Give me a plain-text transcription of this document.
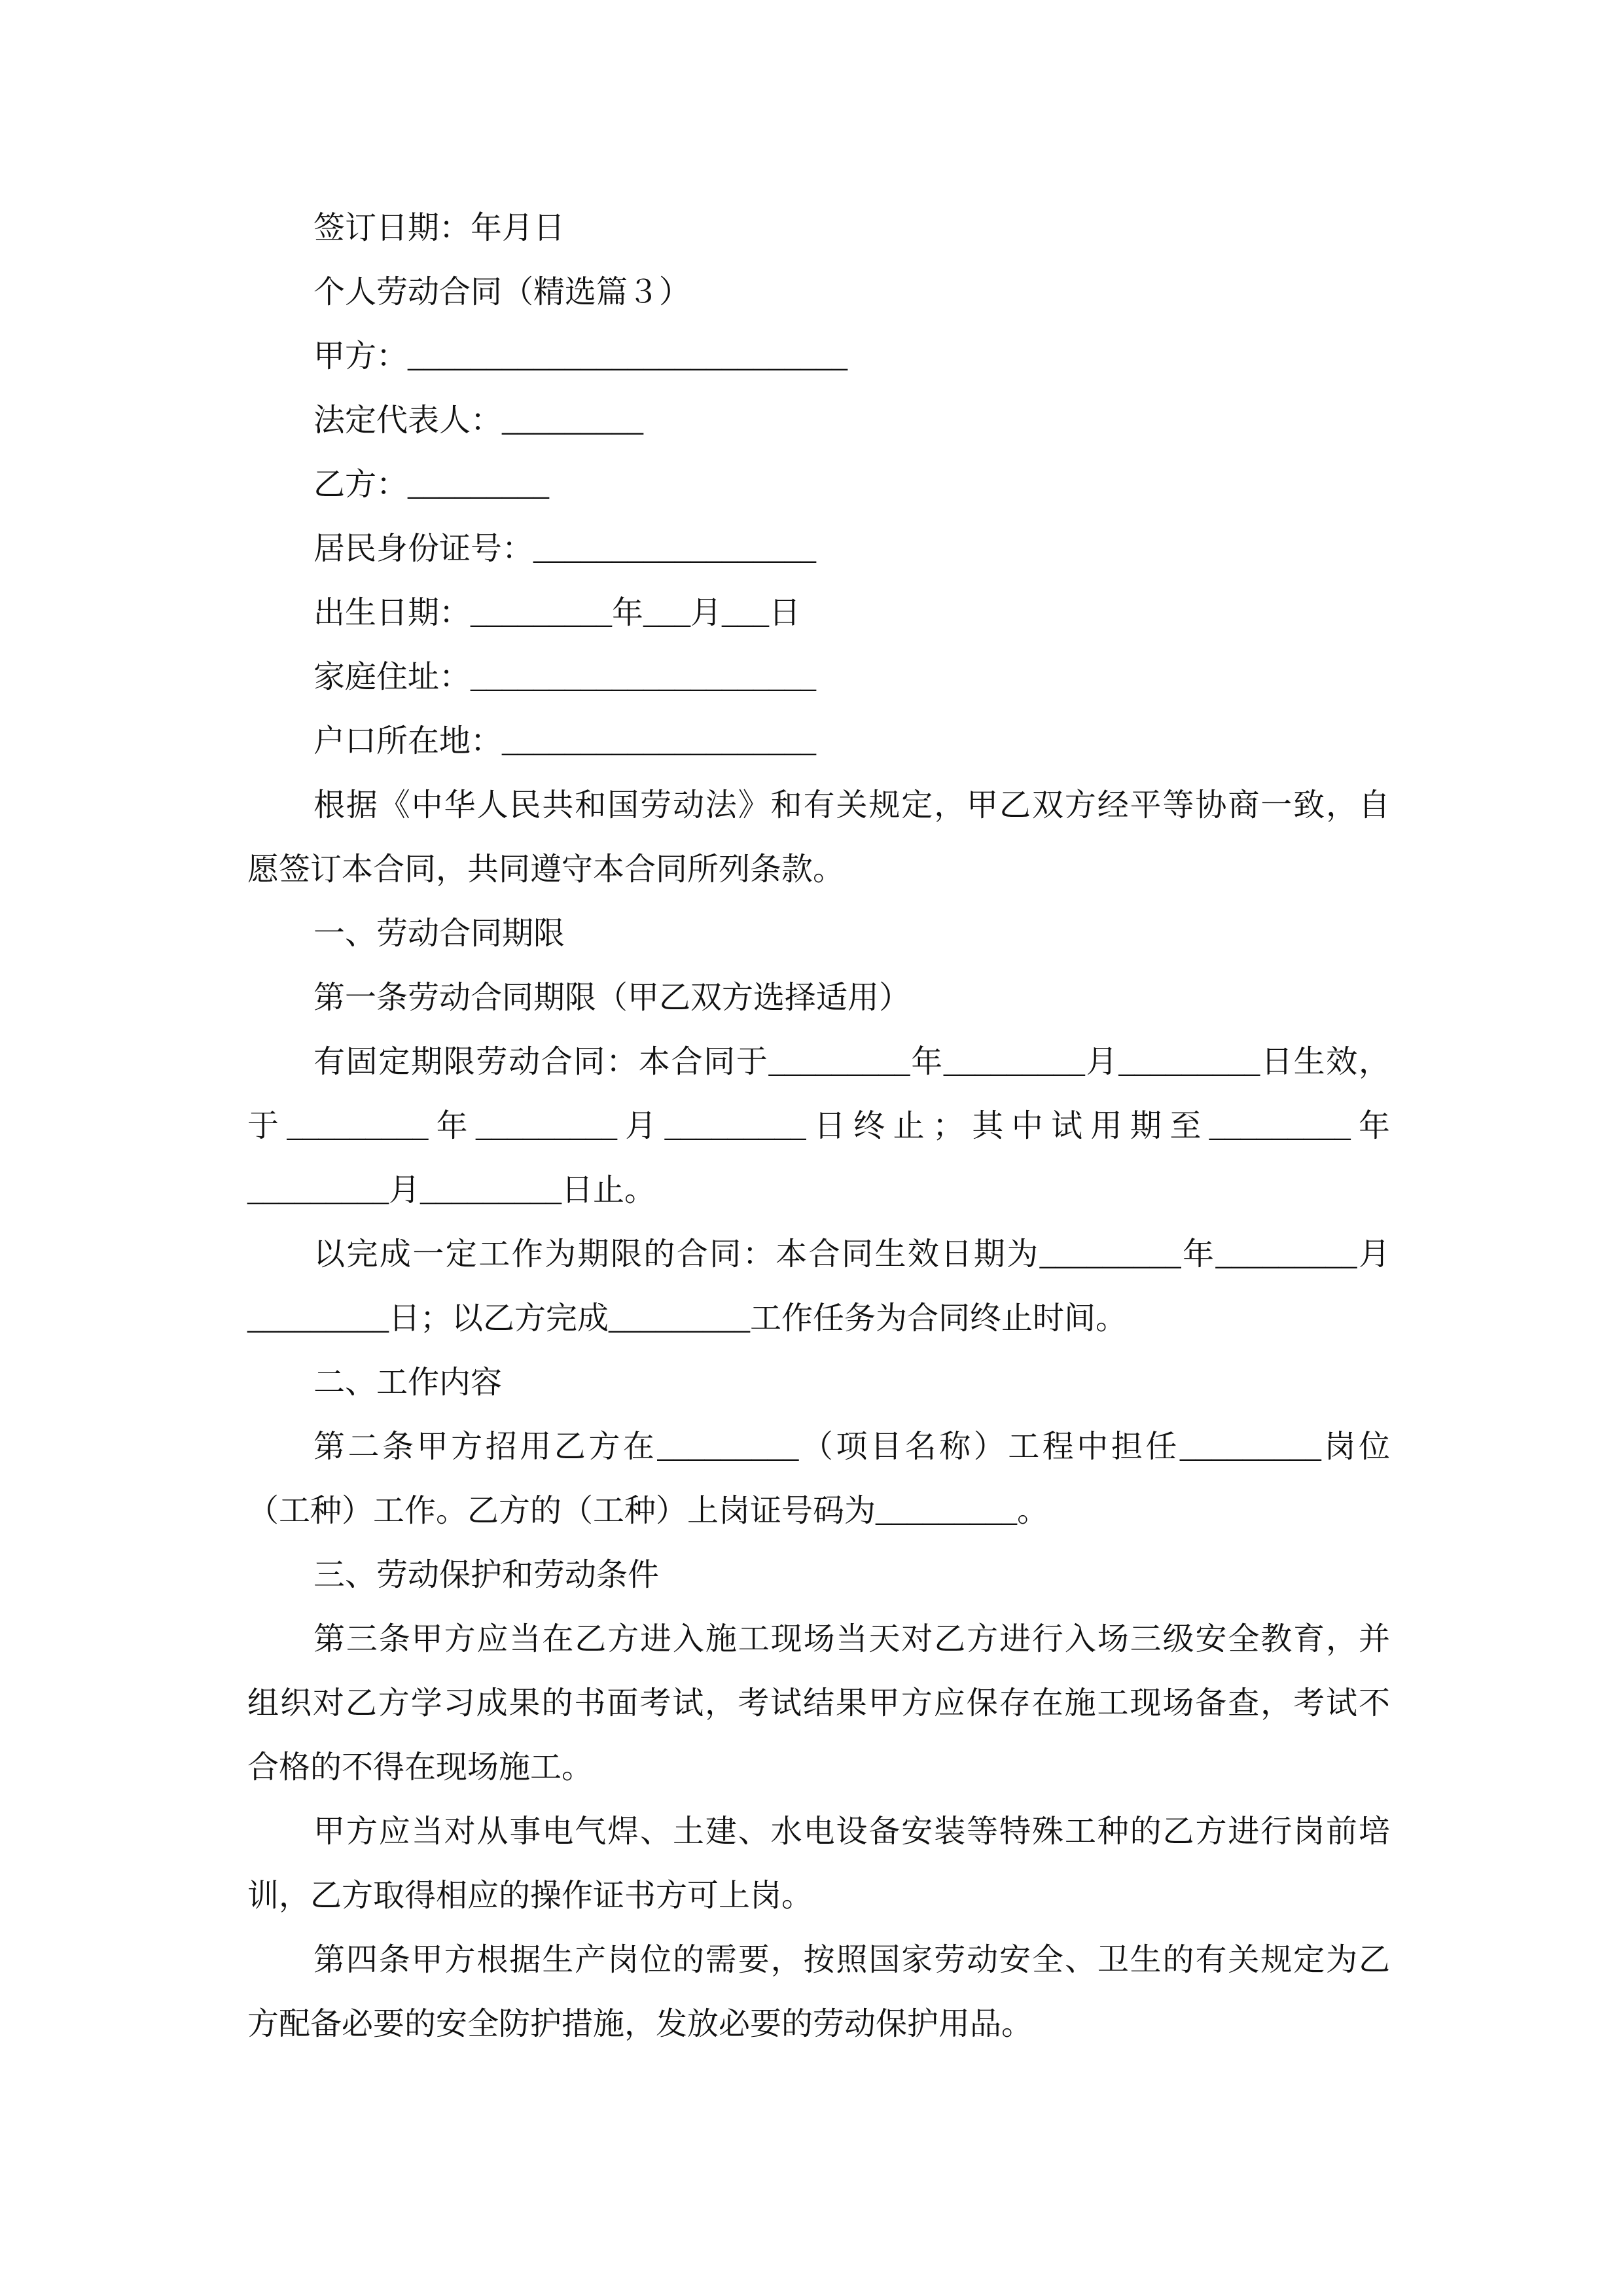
签订日期：年月日
个人劳动合同（精选篇３）
甲方：____________________________
法定代表人：_________
乙方：_________
居民身份证号：__________________
出生日期：_________年___月___日
家庭住址：______________________
户口所在地：____________________
根据《中华人民共和国劳动法》和有关规定，甲乙双方经平等协商一致，自
愿签订本合同，共同遵守本合同所列条款。
一、劳动合同期限
第一条劳动合同期限（甲乙双方选择适用）
有固定期限劳动合同：本合同于_________年_________月_________日生效，
于 _________ 年 _________ 月 _________ 日 终 止 ； 其 中 试 用 期 至 _________ 年
_________月_________日止。
以完成一定工作为期限的合同：本合同生效日期为_________年_________月
_________日；以乙方完成_________工作任务为合同终止时间。
二、工作内容
第二条甲方招用乙方在_________（项目名称）工程中担任_________岗位
（工种）工作。乙方的（工种）上岗证号码为_________。
三、劳动保护和劳动条件
第三条甲方应当在乙方进入施工现场当天对乙方进行入场三级安全教育，并
组织对乙方学习成果的书面考试，考试结果甲方应保存在施工现场备查，考试不
合格的不得在现场施工。
甲方应当对从事电气焊、土建、水电设备安装等特殊工种的乙方进行岗前培
训，乙方取得相应的操作证书方可上岗。
第四条甲方根据生产岗位的需要，按照国家劳动安全、卫生的有关规定为乙
方配备必要的安全防护措施，发放必要的劳动保护用品。
